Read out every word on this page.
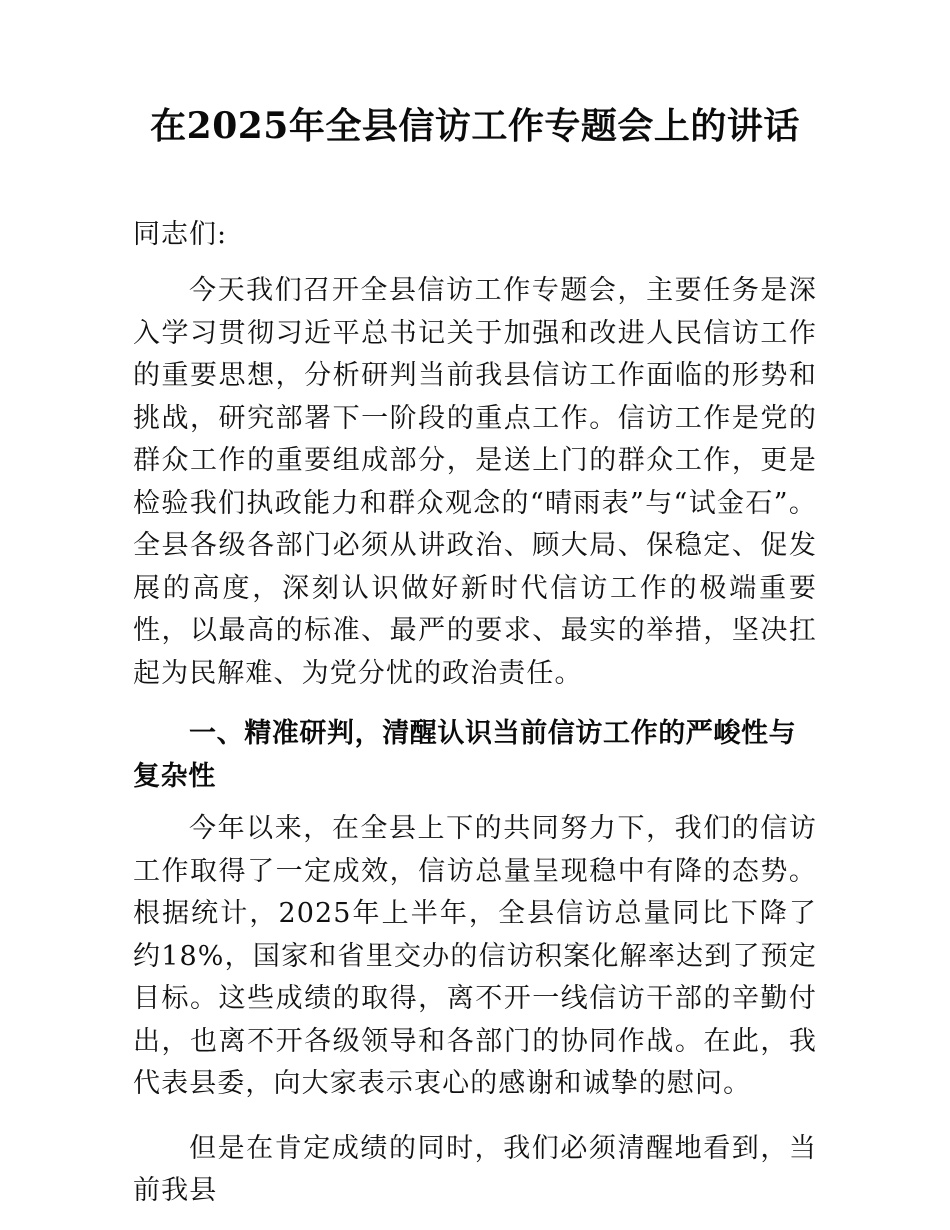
在2025年全县信访工作专题会上的讲话

同志们:

今天我们召开全县信访工作专题会，主要任务是深入学习贯彻习近平总书记关于加强和改进人民信访工作的重要思想，分析研判当前我县信访工作面临的形势和挑战，研究部署下一阶段的重点工作。信访工作是党的群众工作的重要组成部分，是送上门的群众工作，更是检验我们执政能力和群众观念的“晴雨表”与“试金石”。全县各级各部门必须从讲政治、顾大局、保稳定、促发展的高度，深刻认识做好新时代信访工作的极端重要性，以最高的标准、最严的要求、最实的举措，坚决扛起为民解难、为党分忧的政治责任。

一、精准研判，清醒认识当前信访工作的严峻性与复杂性

今年以来，在全县上下的共同努力下，我们的信访工作取得了一定成效，信访总量呈现稳中有降的态势。根据统计，2025年上半年，全县信访总量同比下降了约18%，国家和省里交办的信访积案化解率达到了预定目标。这些成绩的取得，离不开一线信访干部的辛勤付出，也离不开各级领导和各部门的协同作战。在此，我代表县委，向大家表示衷心的感谢和诚挚的慰问。

但是在肯定成绩的同时，我们必须清醒地看到，当前我县
